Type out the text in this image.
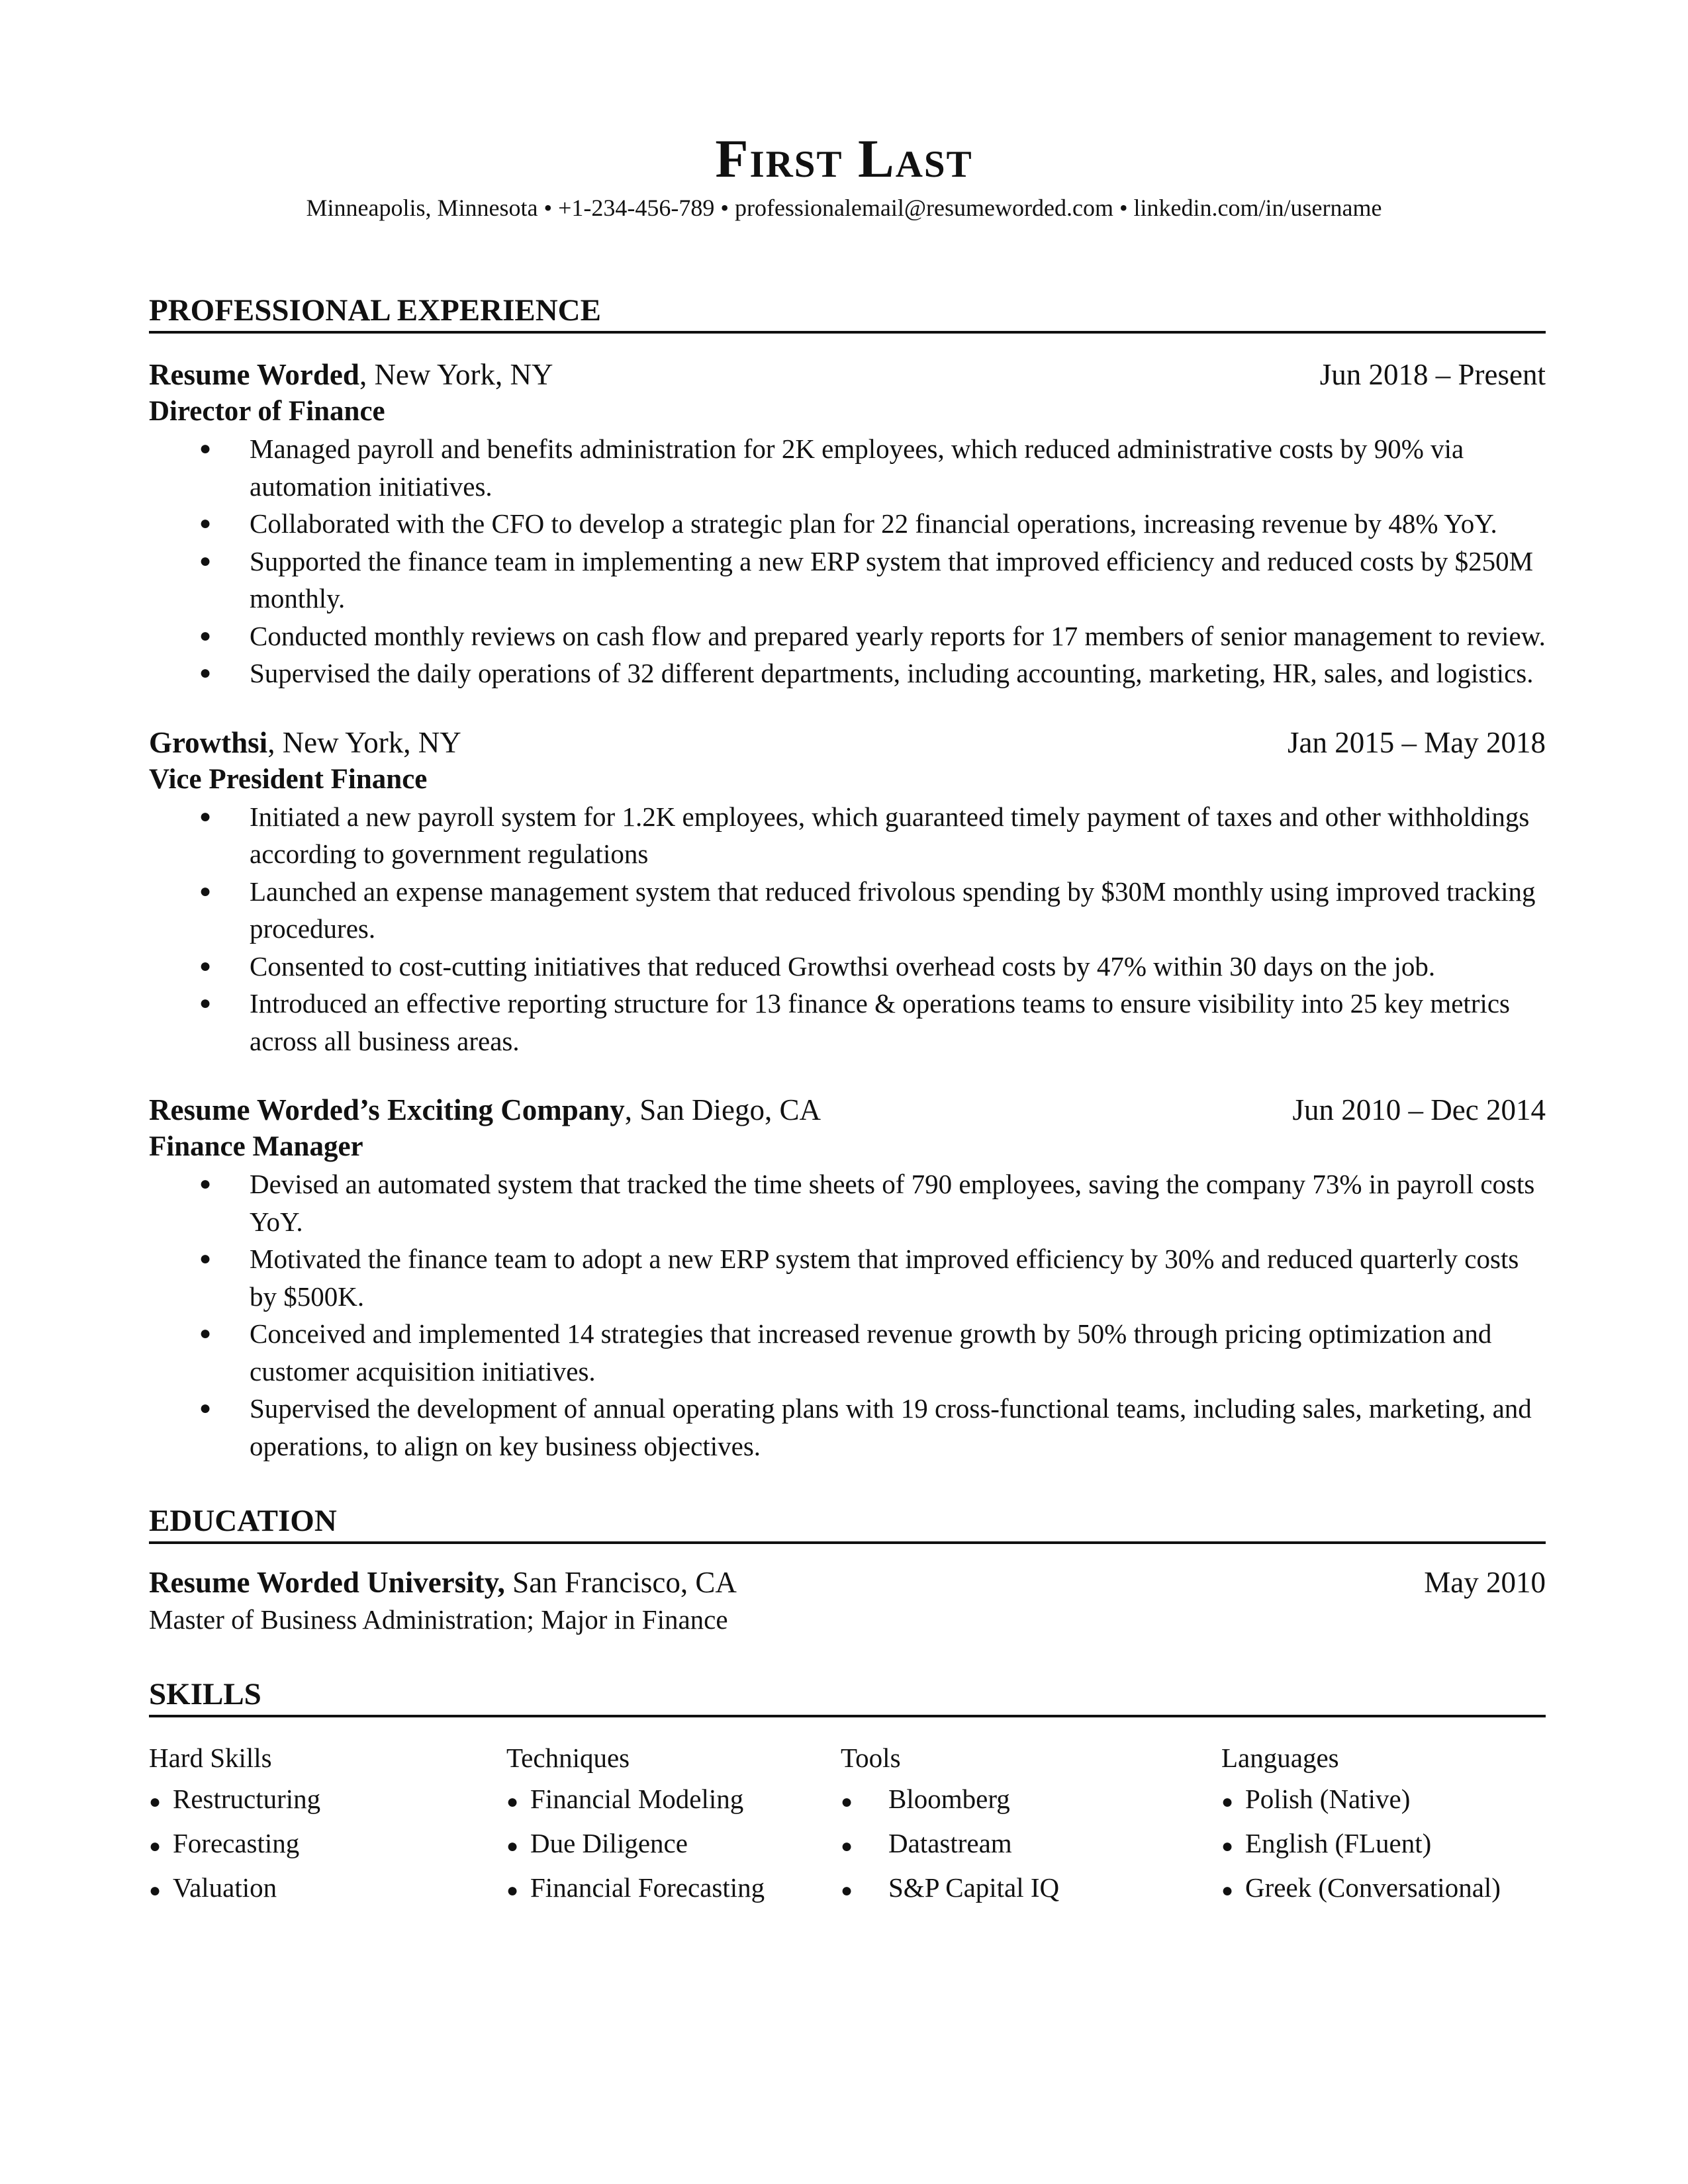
First Last
Minneapolis, Minnesota • +1-234-456-789 • professionalemail@resumeworded.com • linkedin.com/in/username
PROFESSIONAL EXPERIENCE
Resume Worded, New York, NY	Jun 2018 – Present
Director of Finance
● Managed payroll and benefits administration for 2K employees, which reduced administrative costs by 90% via automation initiatives.
● Collaborated with the CFO to develop a strategic plan for 22 financial operations, increasing revenue by 48% YoY.
● Supported the finance team in implementing a new ERP system that improved efficiency and reduced costs by $250M monthly.
● Conducted monthly reviews on cash flow and prepared yearly reports for 17 members of senior management to review.
● Supervised the daily operations of 32 different departments, including accounting, marketing, HR, sales, and logistics.
Growthsi, New York, NY	Jan 2015 – May 2018
Vice President Finance
● Initiated a new payroll system for 1.2K employees, which guaranteed timely payment of taxes and other withholdings according to government regulations
● Launched an expense management system that reduced frivolous spending by $30M monthly using improved tracking procedures.
● Consented to cost-cutting initiatives that reduced Growthsi overhead costs by 47% within 30 days on the job.
● Introduced an effective reporting structure for 13 finance & operations teams to ensure visibility into 25 key metrics across all business areas.
Resume Worded’s Exciting Company, San Diego, CA	Jun 2010 – Dec 2014
Finance Manager
● Devised an automated system that tracked the time sheets of 790 employees, saving the company 73% in payroll costs YoY.
● Motivated the finance team to adopt a new ERP system that improved efficiency by 30% and reduced quarterly costs by $500K.
● Conceived and implemented 14 strategies that increased revenue growth by 50% through pricing optimization and customer acquisition initiatives.
● Supervised the development of annual operating plans with 19 cross-functional teams, including sales, marketing, and operations, to align on key business objectives.
EDUCATION
Resume Worded University, San Francisco, CA	May 2010
Master of Business Administration; Major in Finance
SKILLS
Hard Skills
● Restructuring
● Forecasting
● Valuation
Techniques
● Financial Modeling
● Due Diligence
● Financial Forecasting
Tools
● Bloomberg
● Datastream
● S&P Capital IQ
Languages
● Polish (Native)
● English (FLuent)
● Greek (Conversational)
